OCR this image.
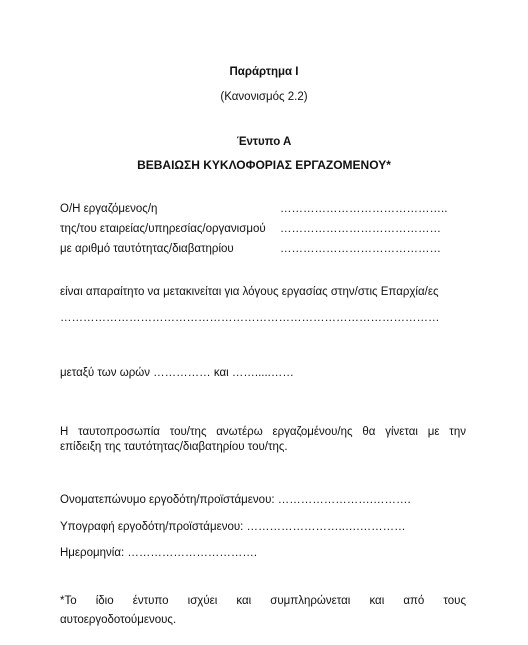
Παράρτημα Ι
(Κανονισμός 2.2)
Έντυπο Α
ΒΕΒΑΙΩΣΗ ΚΥΚΛΟΦΟΡΙΑΣ ΕΡΓΑΖΟΜΕΝΟΥ*
Ο/Η εργαζόμενος/η	……………………………………..
της/του εταιρείας/υπηρεσίας/οργανισμού ……………………………………
με αριθμό ταυτότητας/διαβατηρίου	……………………………………
είναι απαραίτητο να μετακινείται για λόγους εργασίας στην/στις Επαρχία/ες
………………………………………………………………………………………
μεταξύ των ωρών …………… και …….....……
Η ταυτοπροσωπία του/της ανωτέρω εργαζομένου/ης θα γίνεται με την
επίδειξη της ταυτότητας/διαβατηρίου του/της.
Ονοματεπώνυμο εργοδότη/προϊστάμενου: …………………….……….
Υπογραφή εργοδότη/προϊστάμενου: ……………………..….…………
Ημερομηνία: …………………………….
*Το ίδιο έντυπο ισχύει και συμπληρώνεται και από τους
αυτοεργοδοτούμενους.
